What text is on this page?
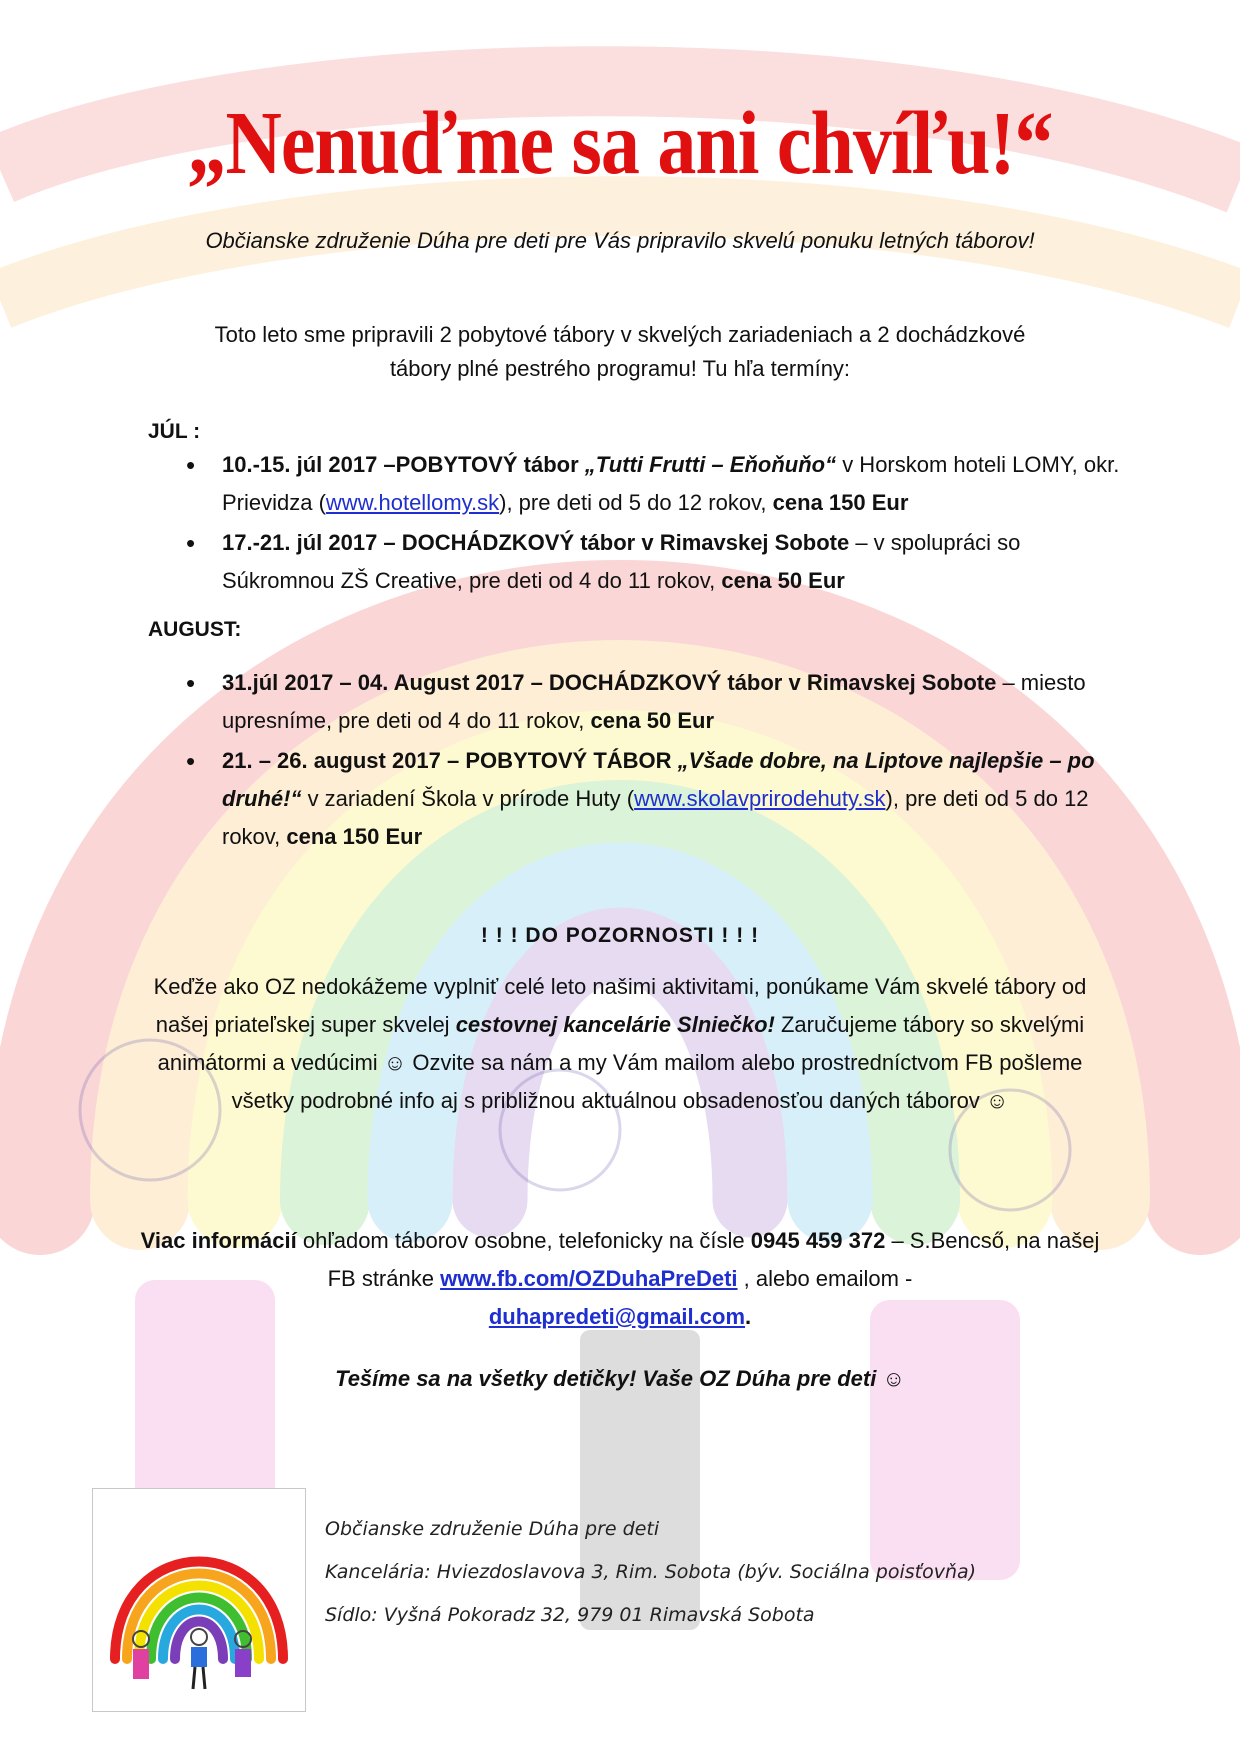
„Nenuďme sa ani chvíľu!“
Občianske združenie Dúha pre deti pre Vás pripravilo skvelú ponuku letných táborov!
Toto leto sme pripravili 2 pobytové tábory v skvelých zariadeniach a 2 dochádzkové
tábory plné pestrého programu! Tu hľa termíny:
JÚL :
• 10.-15. júl 2017 –POBYTOVÝ tábor „Tutti Frutti – Eňoňuňo“ v Horskom hoteli LOMY, okr. Prievidza (www.hotellomy.sk), pre deti od 5 do 12 rokov, cena 150 Eur
• 17.-21. júl 2017 – DOCHÁDZKOVÝ tábor v Rimavskej Sobote – v spolupráci so Súkromnou ZŠ Creative, pre deti od 4 do 11 rokov, cena 50 Eur
AUGUST:
• 31.júl 2017 – 04. August 2017 – DOCHÁDZKOVÝ tábor v Rimavskej Sobote – miesto upresníme, pre deti od 4 do 11 rokov, cena 50 Eur
• 21. – 26. august 2017 – POBYTOVÝ TÁBOR „Všade dobre, na Liptove najlepšie – po druhé!“ v zariadení Škola v prírode Huty (www.skolavprirodehuty.sk), pre deti od 5 do 12 rokov, cena 150 Eur
! ! ! DO POZORNOSTI ! ! !
Keďže ako OZ nedokážeme vyplniť celé leto našimi aktivitami, ponúkame Vám skvelé tábory od našej priateľskej super skvelej cestovnej kancelárie Slniečko! Zaručujeme tábory so skvelými animátormi a vedúcimi ☺ Ozvite sa nám a my Vám mailom alebo prostredníctvom FB pošleme všetky podrobné info aj s približnou aktuálnou obsadenosťou daných táborov ☺
Viac informácií ohľadom táborov osobne, telefonicky na čísle 0945 459 372 – S.Bencső, na našej FB stránke www.fb.com/OZDuhaPreDeti , alebo emailom -
duhapredeti@gmail.com.
Tešíme sa na všetky detičky! Vaše OZ Dúha pre deti ☺
Občianske združenie Dúha pre deti
Kancelária: Hviezdoslavova 3, Rim. Sobota (býv. Sociálna poisťovňa)
Sídlo: Vyšná Pokoradz 32, 979 01 Rimavská Sobota
